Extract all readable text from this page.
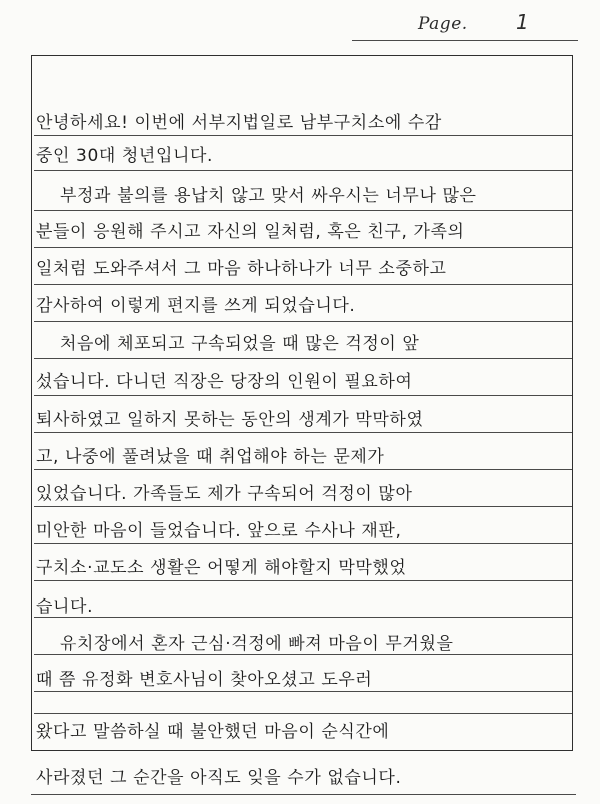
Page. 1
안녕하세요! 이번에 서부지법일로 남부구치소에 수감
중인 30대 청년입니다.
부정과 불의를 용납치 않고 맞서 싸우시는 너무나 많은
분들이 응원해 주시고 자신의 일처럼, 혹은 친구, 가족의
일처럼 도와주셔서 그 마음 하나하나가 너무 소중하고
감사하여 이렇게 편지를 쓰게 되었습니다.
처음에 체포되고 구속되었을 때 많은 걱정이 앞
섰습니다. 다니던 직장은 당장의 인원이 필요하여
퇴사하였고 일하지 못하는 동안의 생계가 막막하였
고, 나중에 풀려났을 때 취업해야 하는 문제가
있었습니다. 가족들도 제가 구속되어 걱정이 많아
미안한 마음이 들었습니다. 앞으로 수사나 재판,
구치소·교도소 생활은 어떻게 해야할지 막막했었
습니다.
유치장에서 혼자 근심·걱정에 빠져 마음이 무거웠을
때 쯤 유정화 변호사님이 찾아오셨고 도우러
왔다고 말씀하실 때 불안했던 마음이 순식간에
사라졌던 그 순간을 아직도 잊을 수가 없습니다.
